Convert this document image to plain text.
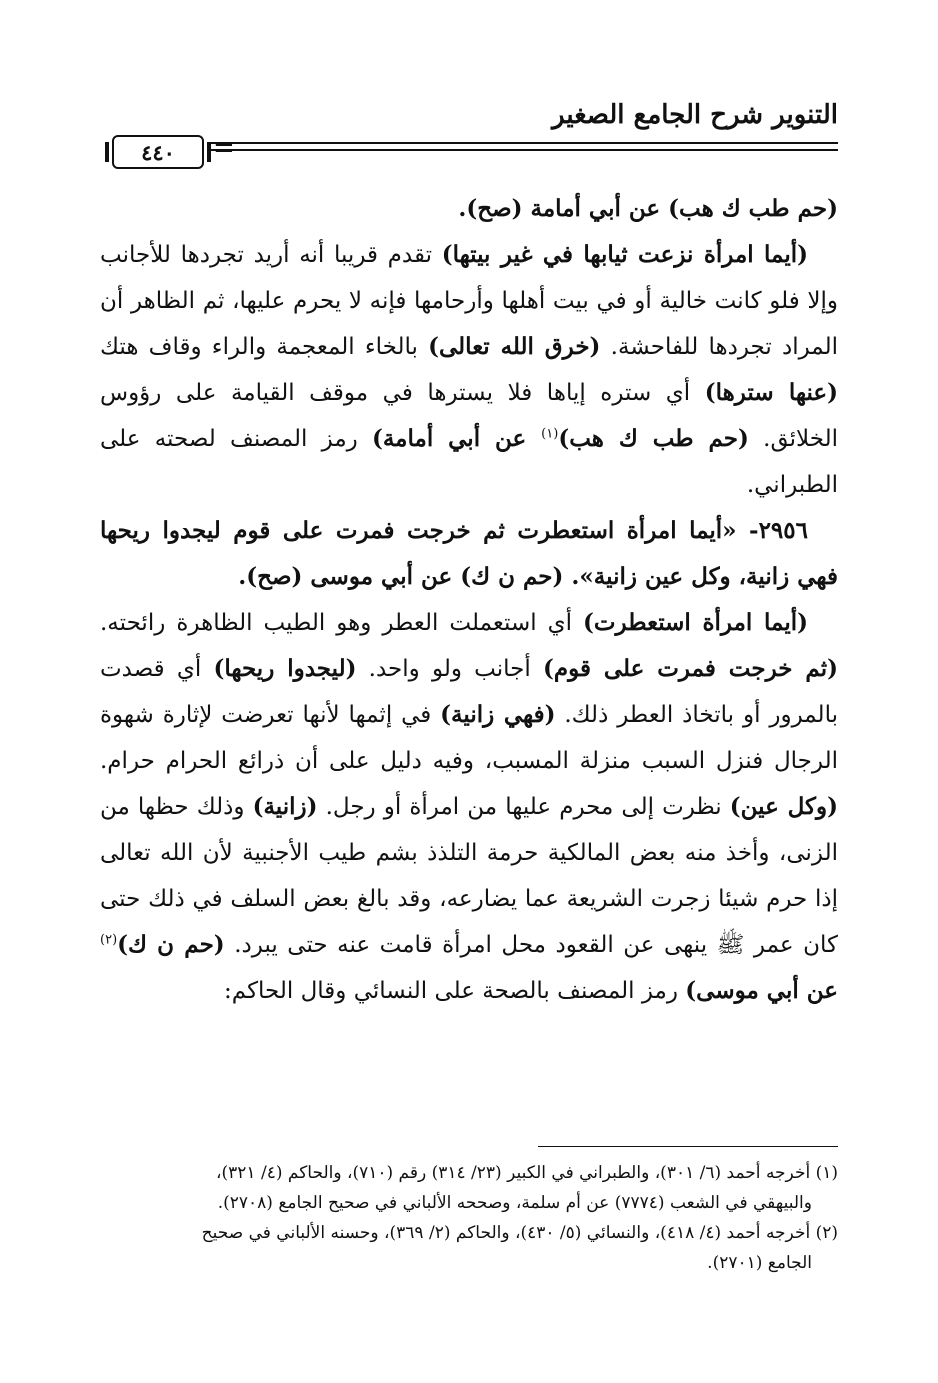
التنوير شرح الجامع الصغير
=
٤٤٠

(حم طب ك هب) عن أبي أمامة (صح).

(أيما امرأة نزعت ثيابها في غير بيتها) تقدم قريبا أنه أريد تجردها للأجانب وإلا فلو كانت خالية أو في بيت أهلها وأرحامها فإنه لا يحرم عليها، ثم الظاهر أن المراد تجردها للفاحشة. (خرق الله تعالى) بالخاء المعجمة والراء وقاف هتك (عنها سترها) أي ستره إياها فلا يسترها في موقف القيامة على رؤوس الخلائق. (حم طب ك هب)$^{(١)}$ عن أبي أمامة) رمز المصنف لصحته على الطبراني.

٢٩٥٦- «أيما امرأة استعطرت ثم خرجت فمرت على قوم ليجدوا ريحها فهي زانية، وكل عين زانية». (حم ن ك) عن أبي موسى (صح).

(أيما امرأة استعطرت) أي استعملت العطر وهو الطيب الظاهرة رائحته. (ثم خرجت فمرت على قوم) أجانب ولو واحد. (ليجدوا ريحها) أي قصدت بالمرور أو باتخاذ العطر ذلك. (فهي زانية) في إثمها لأنها تعرضت لإثارة شهوة الرجال فنزل السبب منزلة المسبب، وفيه دليل على أن ذرائع الحرام حرام. (وكل عين) نظرت إلى محرم عليها من امرأة أو رجل. (زانية) وذلك حظها من الزنى، وأخذ منه بعض المالكية حرمة التلذذ بشم طيب الأجنبية لأن الله تعالى إذا حرم شيئا زجرت الشريعة عما يضارعه، وقد بالغ بعض السلف في ذلك حتى كان عمر ﷺ ينهى عن القعود محل امرأة قامت عنه حتى يبرد. (حم ن ك)$^{(٢)}$ عن أبي موسى) رمز المصنف بالصحة على النسائي وقال الحاكم:

(١) أخرجه أحمد (٦/ ٣٠١)، والطبراني في الكبير (٢٣/ ٣١٤) رقم (٧١٠)، والحاكم (٤/ ٣٢١)،

والبيهقي في الشعب (٧٧٧٤) عن أم سلمة، وصححه الألباني في صحيح الجامع (٢٧٠٨).

(٢) أخرجه أحمد (٤/ ٤١٨)، والنسائي (٥/ ٤٣٠)، والحاكم (٢/ ٣٦٩)، وحسنه الألباني في صحيح

الجامع (٢٧٠١).
